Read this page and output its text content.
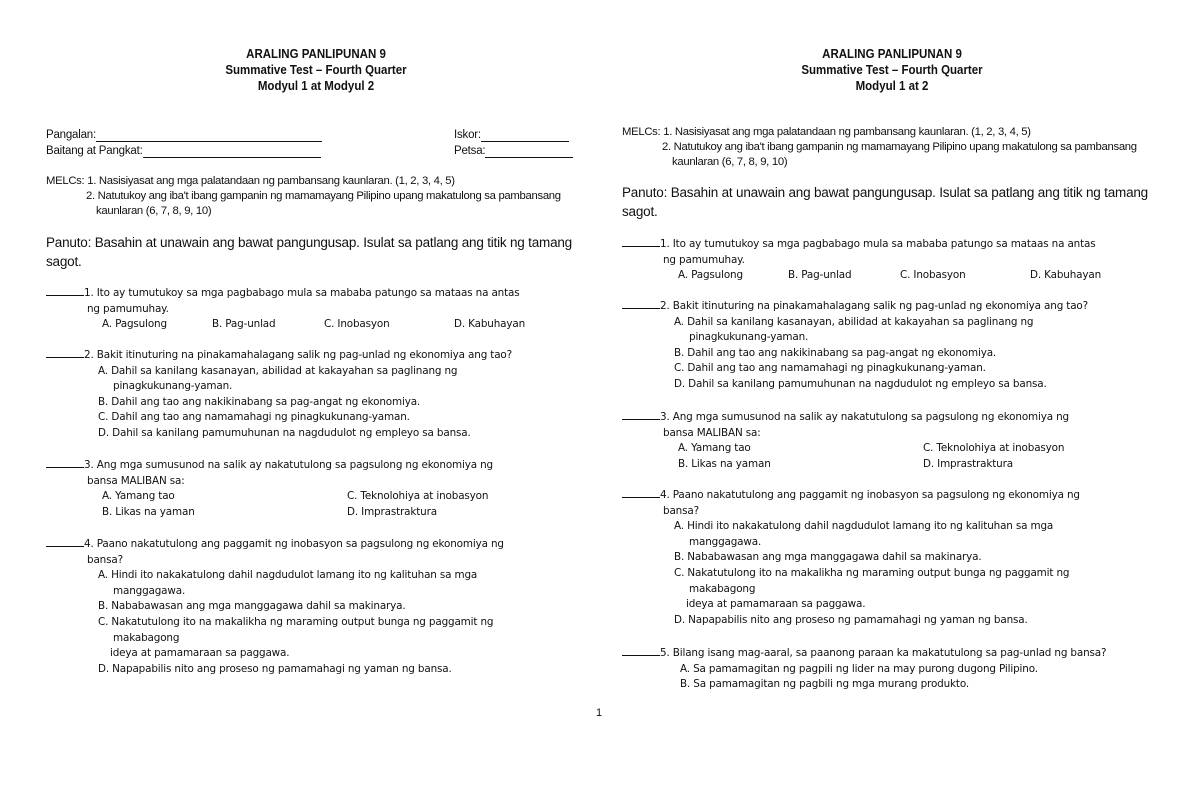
ARALING PANLIPUNAN 9
Summative Test – Fourth Quarter
Modyul 1 at Modyul 2
Pangalan:	Iskor:
Baitang at Pangkat:	Petsa:
MELCs: 1. Nasisiyasat ang mga palatandaan ng pambansang kaunlaran. (1, 2, 3, 4, 5)
2. Natutukoy ang iba't ibang gampanin ng mamamayang Pilipino upang makatulong sa pambansang
kaunlaran (6, 7, 8, 9, 10)
Panuto: Basahin at unawain ang bawat pangungusap. Isulat sa patlang ang titik ng tamang
sagot.
1. Ito ay tumutukoy sa mga pagbabago mula sa mababa patungo sa mataas na antas
ng pamumuhay.
A. Pagsulong	B. Pag-unlad	C. Inobasyon	D. Kabuhayan
2. Bakit itinuturing na pinakamahalagang salik ng pag-unlad ng ekonomiya ang tao?
A. Dahil sa kanilang kasanayan, abilidad at kakayahan sa paglinang ng
pinagkukunang-yaman.
B. Dahil ang tao ang nakikinabang sa pag-angat ng ekonomiya.
C. Dahil ang tao ang namamahagi ng pinagkukunang-yaman.
D. Dahil sa kanilang pamumuhunan na nagdudulot ng empleyo sa bansa.
3. Ang mga sumusunod na salik ay nakatutulong sa pagsulong ng ekonomiya ng
bansa MALIBAN sa:
A. Yamang tao	C. Teknolohiya at inobasyon
B. Likas na yaman	D. Imprastraktura
4. Paano nakatutulong ang paggamit ng inobasyon sa pagsulong ng ekonomiya ng
bansa?
A. Hindi ito nakakatulong dahil nagdudulot lamang ito ng kalituhan sa mga
manggagawa.
B. Nababawasan ang mga manggagawa dahil sa makinarya.
C. Nakatutulong ito na makalikha ng maraming output bunga ng paggamit ng
makabagong
ideya at pamamaraan sa paggawa.
D. Napapabilis nito ang proseso ng pamamahagi ng yaman ng bansa.
ARALING PANLIPUNAN 9
Summative Test – Fourth Quarter
Modyul 1 at 2
MELCs: 1. Nasisiyasat ang mga palatandaan ng pambansang kaunlaran. (1, 2, 3, 4, 5)
2. Natutukoy ang iba't ibang gampanin ng mamamayang Pilipino upang makatulong sa pambansang
kaunlaran (6, 7, 8, 9, 10)
Panuto: Basahin at unawain ang bawat pangungusap. Isulat sa patlang ang titik ng tamang
sagot.
1. Ito ay tumutukoy sa mga pagbabago mula sa mababa patungo sa mataas na antas
ng pamumuhay.
A. Pagsulong	B. Pag-unlad	C. Inobasyon	D. Kabuhayan
2. Bakit itinuturing na pinakamahalagang salik ng pag-unlad ng ekonomiya ang tao?
A. Dahil sa kanilang kasanayan, abilidad at kakayahan sa paglinang ng
pinagkukunang-yaman.
B. Dahil ang tao ang nakikinabang sa pag-angat ng ekonomiya.
C. Dahil ang tao ang namamahagi ng pinagkukunang-yaman.
D. Dahil sa kanilang pamumuhunan na nagdudulot ng empleyo sa bansa.
3. Ang mga sumusunod na salik ay nakatutulong sa pagsulong ng ekonomiya ng
bansa MALIBAN sa:
A. Yamang tao	C. Teknolohiya at inobasyon
B. Likas na yaman	D. Imprastraktura
4. Paano nakatutulong ang paggamit ng inobasyon sa pagsulong ng ekonomiya ng
bansa?
A. Hindi ito nakakatulong dahil nagdudulot lamang ito ng kalituhan sa mga
manggagawa.
B. Nababawasan ang mga manggagawa dahil sa makinarya.
C. Nakatutulong ito na makalikha ng maraming output bunga ng paggamit ng
makabagong
ideya at pamamaraan sa paggawa.
D. Napapabilis nito ang proseso ng pamamahagi ng yaman ng bansa.
5. Bilang isang mag-aaral, sa paanong paraan ka makatutulong sa pag-unlad ng bansa?
A. Sa pamamagitan ng pagpili ng lider na may purong dugong Pilipino.
B. Sa pamamagitan ng pagbili ng mga murang produkto.
1
